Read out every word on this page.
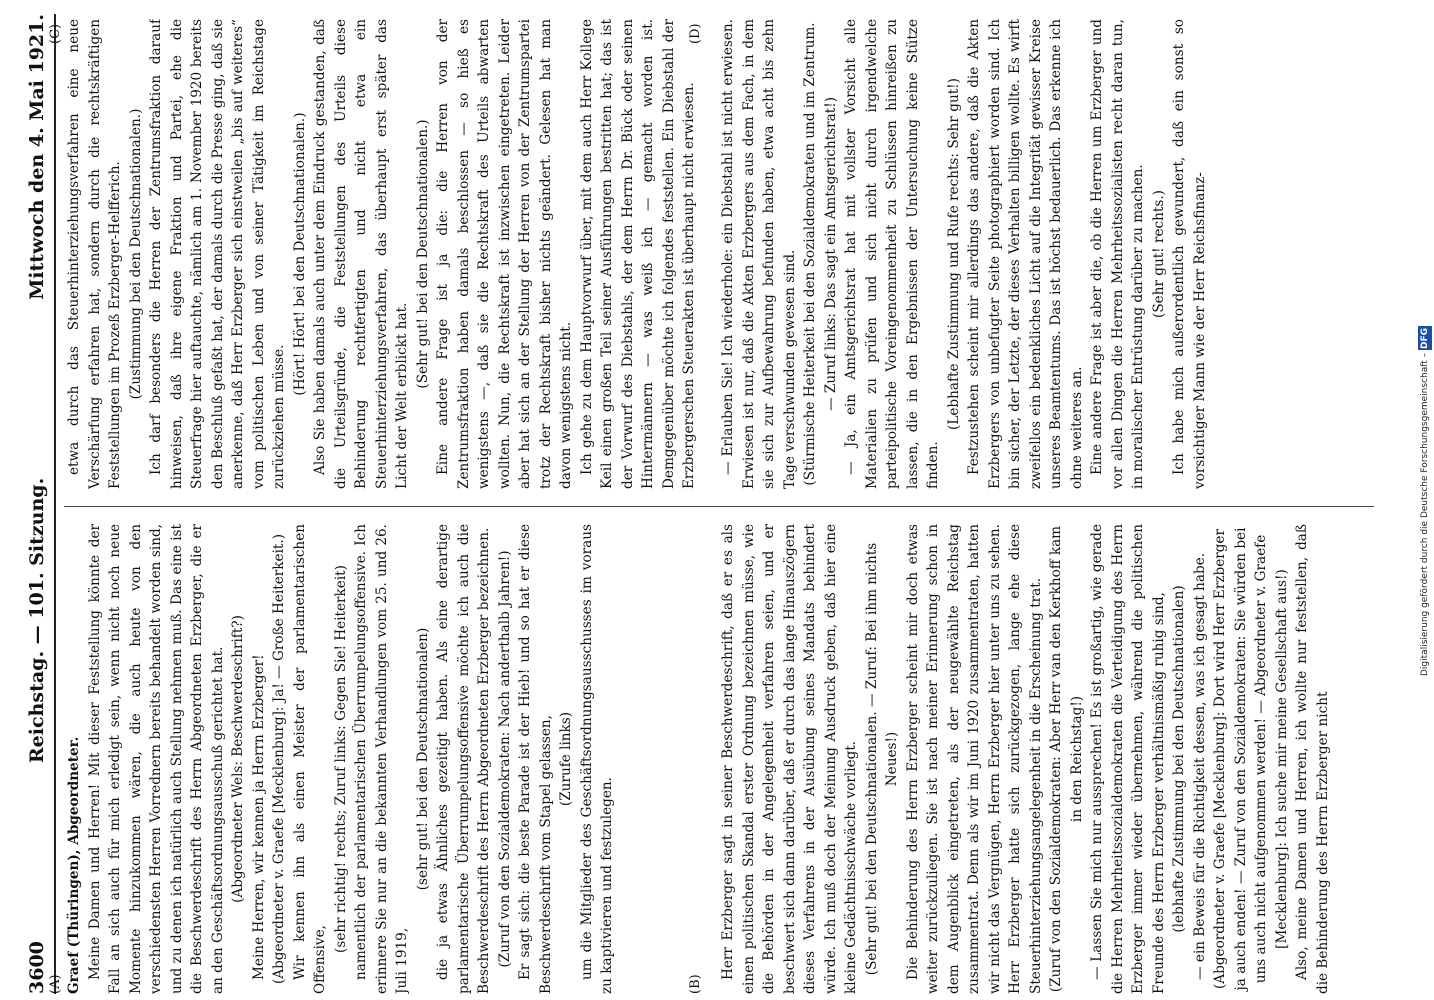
3600
Reichstag. — 101. Sitzung.
Mittwoch den 4. Mai 1921.

Graef (Thüringen), Abgeordneter. Meine Damen und Herren! Mit dieser Feststellung könnte der Fall an sich auch für mich erledigt sein, wenn nicht noch neue Momente hinzukommen wären, die auch heute von den verschiedensten Herren Vorrednern bereits behandelt worden sind, und zu denen ich natürlich auch Stellung nehmen muß. Das eine ist die Beschwerdeschrift des Herrn Abgeordneten Erzberger, die er an den Geschäftsordnungsausschuß gerichtet hat. (Abgeordneter Wels: Beschwerdeschrift?) Meine Herren, wir kennen ja Herrn Erzberger! (Abgeordneter v. Graefe [Mecklenburg]: Ja! — Große Heiterkeit.) Wir kennen ihn als einen Meister der parlamentarischen Offensive,

(sehr richtig! rechts; Zuruf links: Gegen Sie! Heiterkeit) namentlich der parlamentarischen Überrumpelungsoffensive. Ich erinnere Sie nur an die bekannten Verhandlungen vom 25. und 26. Juli 1919,

(sehr gut! bei den Deutschnationalen) die ja etwas Ähnliches gezeitigt haben. Als eine derartige parlamentarische Überrumpelungsoffensive möchte ich auch die Beschwerdeschrift des Herrn Abgeordneten Erzberger bezeichnen. (Zuruf von den Sozialdemokraten: Nach anderthalb Jahren!) Er sagt sich: die beste Parade ist der Hieb! und so hat er diese Beschwerdeschrift vom Stapel gelassen, (Zurufe links) um die Mitglieder des Geschäftsordnungsausschusses im voraus zu kaptivieren und festzulegen.	Herr Erzberger sagt in seiner Beschwerdeschrift, daß er es als einen politischen Skandal erster Ordnung bezeichnen müsse, wie die Behörden in der Angelegenheit verfahren seien, und er beschwert sich dann darüber, daß er durch das lange Hinauszögern dieses Verfahrens in der Ausübung seines Mandats behindert würde. Ich muß doch der Meinung Ausdruck geben, daß hier eine kleine Gedächtnisschwäche vorliegt. (Sehr gut! bei den Deutschnationalen. — Zuruf: Bei ihm nichts Neues!) Die Behinderung des Herrn Erzberger scheint mir doch etwas weiter zurückzuliegen. Sie ist nach meiner Erinnerung schon in dem Augenblick eingetreten, als der neugewählte Reichstag zusammentrat. Denn als wir im Juni 1920 zusammentraten, hatten wir nicht das Vergnügen, Herrn Erzberger hier unter uns zu sehen. Herr Erzberger hatte sich zurückgezogen, lange ehe diese Steuerhinterziehungsangelegenheit in die Erscheinung trat. (Zuruf von den Sozialdemokraten: Aber Herr van den Kerkhoff kam in den Reichstag!) — Lassen Sie mich nur aussprechen! Es ist großartig, wie gerade die Herren Mehrheitssozialdemokraten die Verteidigung des Herrn Erzberger immer wieder übernehmen, während die politischen Freunde des Herrn Erzberger verhältnismäßig ruhig sind, (lebhafte Zustimmung bei den Deutschnationalen) — ein Beweis für die Richtigkeit dessen, was ich gesagt habe. (Abgeordneter v. Graefe [Mecklenburg]: Dort wird Herr Erzberger ja auch enden! — Zuruf von den Sozialdemokraten: Sie würden bei uns auch nicht aufgenommen werden! — Abgeordneter v. Graefe [Mecklenburg]: Ich suche mir meine Gesellschaft aus!) Also, meine Damen und Herren, ich wollte nur feststellen, daß die Behinderung des Herrn Erzberger nicht

etwa durch das Steuerhinterziehungsverfahren eine neue Verschärfung erfahren hat, sondern durch die rechtskräftigen Feststellungen im Prozeß Erzberger-Helfferich. (Zustimmung bei den Deutschnationalen.) Ich darf besonders die Herren der Zentrumsfraktion darauf hinweisen, daß ihre eigene Fraktion und Partei, ehe die Steuerfrage hier auftauchte, nämlich am 1. November 1920 bereits den Beschluß gefaßt hat, der damals durch die Presse ging, daß sie anerkenne, daß Herr Erzberger sich einstweilen „bis auf weiteres“ vom politischen Leben und von seiner Tätigkeit im Reichstage zurückziehen müsse.

(Hört! Hört! bei den Deutschnationalen.) Also Sie haben damals auch unter dem Eindruck gestanden, daß die Urteilsgründe, die Feststellungen des Urteils diese Behinderung rechtfertigten und nicht etwa ein Steuerhinterziehungsverfahren, das überhaupt erst später das Licht der Welt erblickt hat.

(Sehr gut! bei den Deutschnationalen.) Eine andere Frage ist ja die: die Herren von der Zentrumsfraktion haben damals beschlossen — so hieß es wenigstens —, daß sie die Rechtskraft des Urteils abwarten wollten. Nun, die Rechtskraft ist inzwischen eingetreten. Leider aber hat sich an der Stellung der Herren von der Zentrumspartei trotz der Rechtskraft bisher nichts geändert. Gelesen hat man davon wenigstens nicht. Ich gehe zu dem Hauptvorwurf über, mit dem auch Herr Kollege Keil einen großen Teil seiner Ausführungen bestritten hat; das ist der Vorwurf des Diebstahls, der dem Herrn Dr. Bück oder seinen Hintermännern — was weiß ich — gemacht worden ist. Demgegenüber möchte ich folgendes feststellen. Ein Diebstahl der Erzbergerschen Steuerakten ist überhaupt nicht erwiesen. — Erlauben Sie! Ich wiederhole: ein Diebstahl ist nicht erwiesen. Erwiesen ist nur, daß die Akten Erzbergers aus dem Fach, in dem sie sich zur Aufbewahrung befunden haben, etwa acht bis zehn Tage verschwunden gewesen sind. (Stürmische Heiterkeit bei den Sozialdemokraten und im Zentrum. — Zuruf links: Das sagt ein Amtsgerichtsrat!) — Ja, ein Amtsgerichtsrat hat mit vollster Vorsicht alle Materialien zu prüfen und sich nicht durch irgendwelche parteipolitische Voreingenommenheit zu Schlüssen hinreißen zu lassen, die in den Ergebnissen der Untersuchung keine Stütze finden.

(Lebhafte Zustimmung und Rufe rechts: Sehr gut!) Festzustehen scheint mir allerdings das andere, daß die Akten Erzbergers von unbefugter Seite photographiert worden sind. Ich bin sicher, der Letzte, der dieses Verhalten billigen wollte. Es wirft zweifellos ein bedenkliches Licht auf die Integrität gewisser Kreise unseres Beamtentums. Das ist höchst bedauerlich. Das erkenne ich ohne weiteres an. Eine andere Frage ist aber die, ob die Herren um Erzberger und vor allen Dingen die Herren Mehrheitssozialisten recht daran tun, in moralischer Entrüstung darüber zu machen. (Sehr gut! rechts.) Ich habe mich außerordentlich gewundert, daß ein sonst so vorsichtiger Mann wie der Herr Reichsfinanz-

(A)	(B)
(C)	(D)
Digitalisierung gefördert durch die Deutsche Forschungsgemeinschaft – DFG
